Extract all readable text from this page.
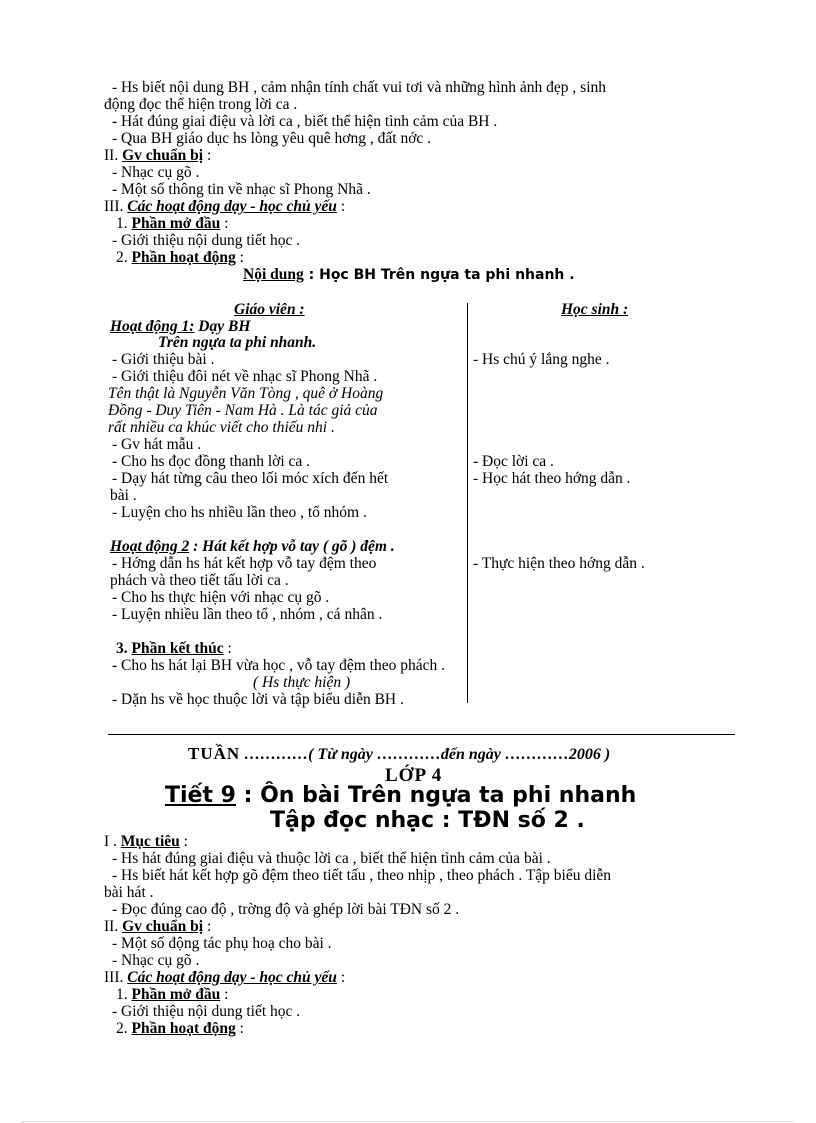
- Hs biết nội dung BH , cảm nhận tính chất vui tơi và những hình ảnh đẹp , sinh
động đọc thể hiện trong lời ca .
- Hát đúng giai điệu và lời ca , biết thể hiện tình cảm của BH .
- Qua BH giáo dục hs lòng yêu quê hơng , đất nớc .
II. Gv chuẩn bị :
- Nhạc cụ gõ .
- Một số thông tin về nhạc sĩ Phong Nhã .
III. Các hoạt động dạy - học chủ yếu :
1. Phần mở đầu :
- Giới thiệu nội dung tiết học .
2. Phần hoạt động :
Nội dung : Học BH Trên ngựa ta phi nhanh .
Giáo viên :	Học sinh :
Hoạt động 1: Dạy BH
Trên ngựa ta phi nhanh.
- Giới thiệu bài .	- Hs chú ý lắng nghe .
- Giới thiệu đôi nét về nhạc sĩ Phong Nhã .
Tên thật là Nguyễn Văn Tòng , quê ở Hoàng
Đồng - Duy Tiên - Nam Hà . Là tác giả của
rất nhiều ca khúc viết cho thiếu nhi .
- Gv hát mẫu .
- Cho hs đọc đồng thanh lời ca .	- Đọc lời ca .
- Dạy hát từng câu theo lối móc xích đến hết	- Học hát theo hớng dẫn .
bài .
- Luyện cho hs nhiều lần theo , tổ nhóm .
Hoạt động 2 : Hát kết hợp vỗ tay ( gõ ) đệm .
- Hớng dẫn hs hát kết hợp vỗ tay đệm theo	- Thực hiện theo hớng dẫn .
phách và theo tiết tấu lời ca .
- Cho hs thực hiện với nhạc cụ gõ .
- Luyện nhiều lần theo tổ , nhóm , cá nhân .
3. Phần kết thúc :
- Cho hs hát lại BH vừa học , vỗ tay đệm theo phách .
( Hs thực hiện )
- Dặn hs về học thuộc lời và tập biểu diễn BH .
TUẦN …………( Từ ngày …………đến ngày …………2006 )
LỚP 4
Tiết 9 : Ôn bài Trên ngựa ta phi nhanh
Tập đọc nhạc : TĐN số 2 .
I . Mục tiêu :
- Hs hát đúng giai điệu và thuộc lời ca , biết thể hiện tình cảm của bài .
- Hs biết hát kết hợp gõ đệm theo tiết tấu , theo nhịp , theo phách . Tập biểu diễn
bài hát .
- Đọc đúng cao độ , trờng độ và ghép lời bài TĐN số 2 .
II. Gv chuẩn bị :
- Một số động tác phụ hoạ cho bài .
- Nhạc cụ gõ .
III. Các hoạt động dạy - học chủ yếu :
1. Phần mở đầu :
- Giới thiệu nội dung tiết học .
2. Phần hoạt động :
